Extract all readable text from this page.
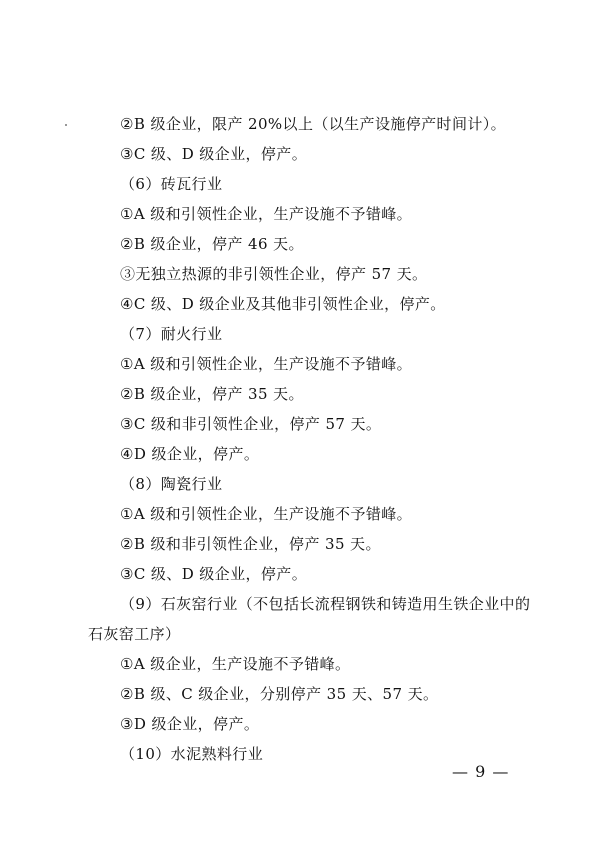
②B 级企业，限产 20%以上（以生产设施停产时间计）。
③C 级、D 级企业，停产。
（6）砖瓦行业
①A 级和引领性企业，生产设施不予错峰。
②B 级企业，停产 46 天。
③无独立热源的非引领性企业，停产 57 天。
④C 级、D 级企业及其他非引领性企业，停产。
（7）耐火行业
①A 级和引领性企业，生产设施不予错峰。
②B 级企业，停产 35 天。
③C 级和非引领性企业，停产 57 天。
④D 级企业，停产。
（8）陶瓷行业
①A 级和引领性企业，生产设施不予错峰。
②B 级和非引领性企业，停产 35 天。
③C 级、D 级企业，停产。
（9）石灰窑行业（不包括长流程钢铁和铸造用生铁企业中的
石灰窑工序）
①A 级企业，生产设施不予错峰。
②B 级、C 级企业，分别停产 35 天、57 天。
③D 级企业，停产。
（10）水泥熟料行业
— 9 —
